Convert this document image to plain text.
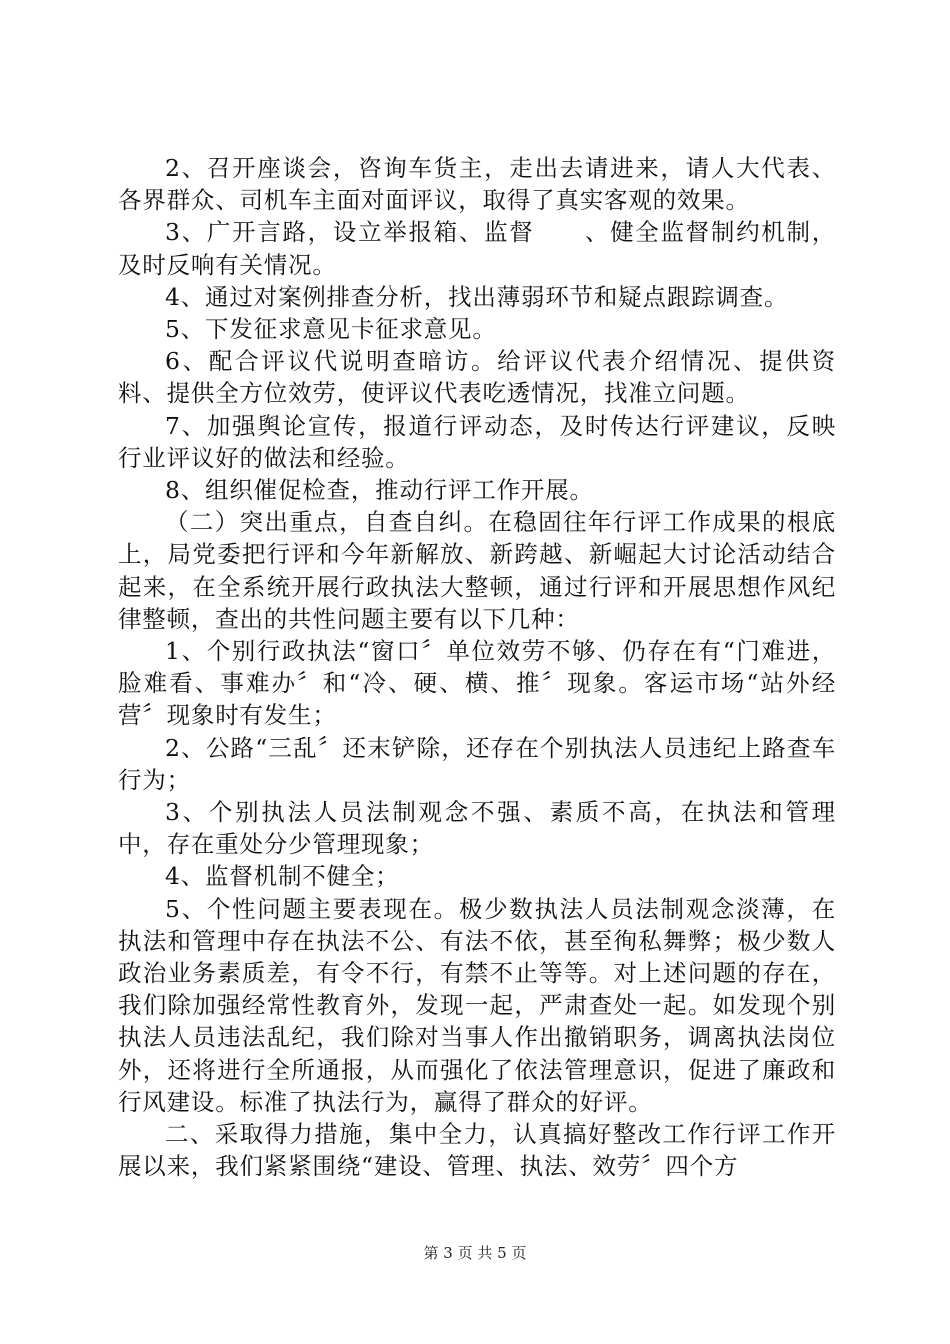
2、召开座谈会，咨询车货主，走出去请进来，请人大代表、各界群众、司机车主面对面评议，取得了真实客观的效果。

3、广开言路，设立举报箱、监督　　、健全监督制约机制，及时反响有关情况。

4、通过对案例排查分析，找出薄弱环节和疑点跟踪调查。

5、下发征求意见卡征求意见。

6、配合评议代说明查暗访。给评议代表介绍情况、提供资料、提供全方位效劳，使评议代表吃透情况，找准立问题。

7、加强舆论宣传，报道行评动态，及时传达行评建议，反映行业评议好的做法和经验。

8、组织催促检查，推动行评工作开展。

（二）突出重点，自查自纠。在稳固往年行评工作成果的根底上，局党委把行评和今年新解放、新跨越、新崛起大讨论活动结合起来，在全系统开展行政执法大整顿，通过行评和开展思想作风纪律整顿，查出的共性问题主要有以下几种：

1、个别行政执法“窗口〞单位效劳不够、仍存在有“门难进，脸难看、事难办〞和“冷、硬、横、推〞现象。客运市场“站外经营〞现象时有发生；

2、公路“三乱〞还末铲除，还存在个别执法人员违纪上路查车行为；

3、个别执法人员法制观念不强、素质不高，在执法和管理中，存在重处分少管理现象；

4、监督机制不健全；

5、个性问题主要表现在。极少数执法人员法制观念淡薄，在执法和管理中存在执法不公、有法不依，甚至徇私舞弊；极少数人政治业务素质差，有令不行，有禁不止等等。对上述问题的存在，我们除加强经常性教育外，发现一起，严肃查处一起。如发现个别执法人员违法乱纪，我们除对当事人作出撤销职务，调离执法岗位外，还将进行全所通报，从而强化了依法管理意识，促进了廉政和行风建设。标准了执法行为，赢得了群众的好评。

二、采取得力措施，集中全力，认真搞好整改工作行评工作开展以来，我们紧紧围绕“建设、管理、执法、效劳〞四个方

第 3 页 共 5 页
